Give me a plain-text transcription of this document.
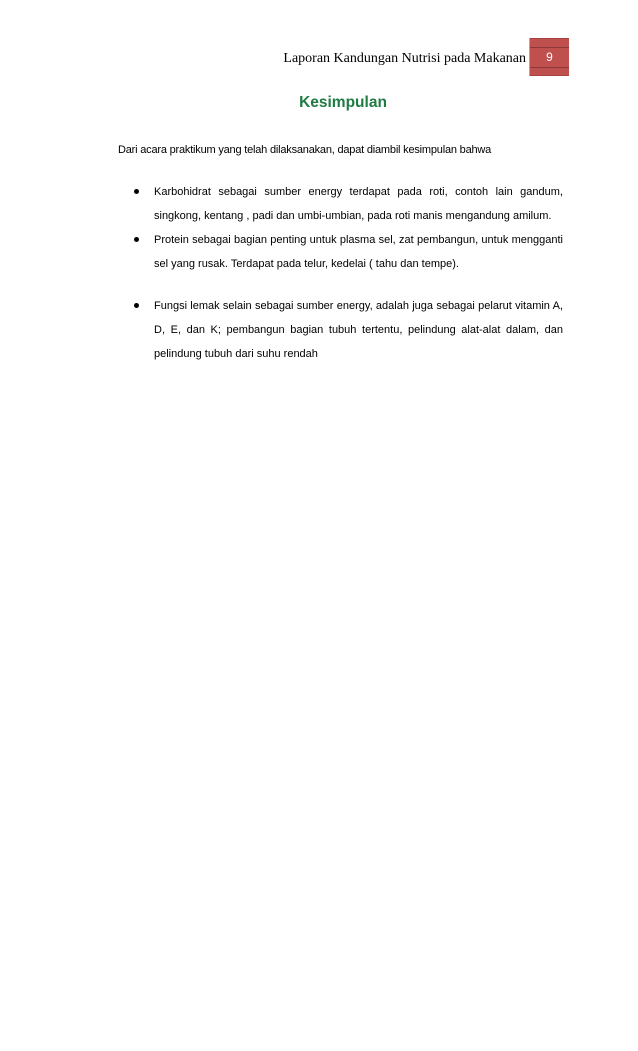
Laporan Kandungan Nutrisi pada Makanan	9
Kesimpulan
Dari acara praktikum yang telah dilaksanakan, dapat diambil kesimpulan bahwa
Karbohidrat sebagai sumber energy terdapat pada roti, contoh lain gandum, singkong, kentang , padi dan umbi-umbian, pada roti manis mengandung amilum.
Protein sebagai bagian penting untuk plasma sel, zat pembangun, untuk mengganti sel yang rusak. Terdapat pada telur, kedelai ( tahu dan tempe).
Fungsi lemak selain sebagai sumber energy, adalah juga sebagai pelarut vitamin A, D, E, dan K; pembangun bagian tubuh tertentu, pelindung alat-alat dalam, dan pelindung tubuh dari suhu rendah
